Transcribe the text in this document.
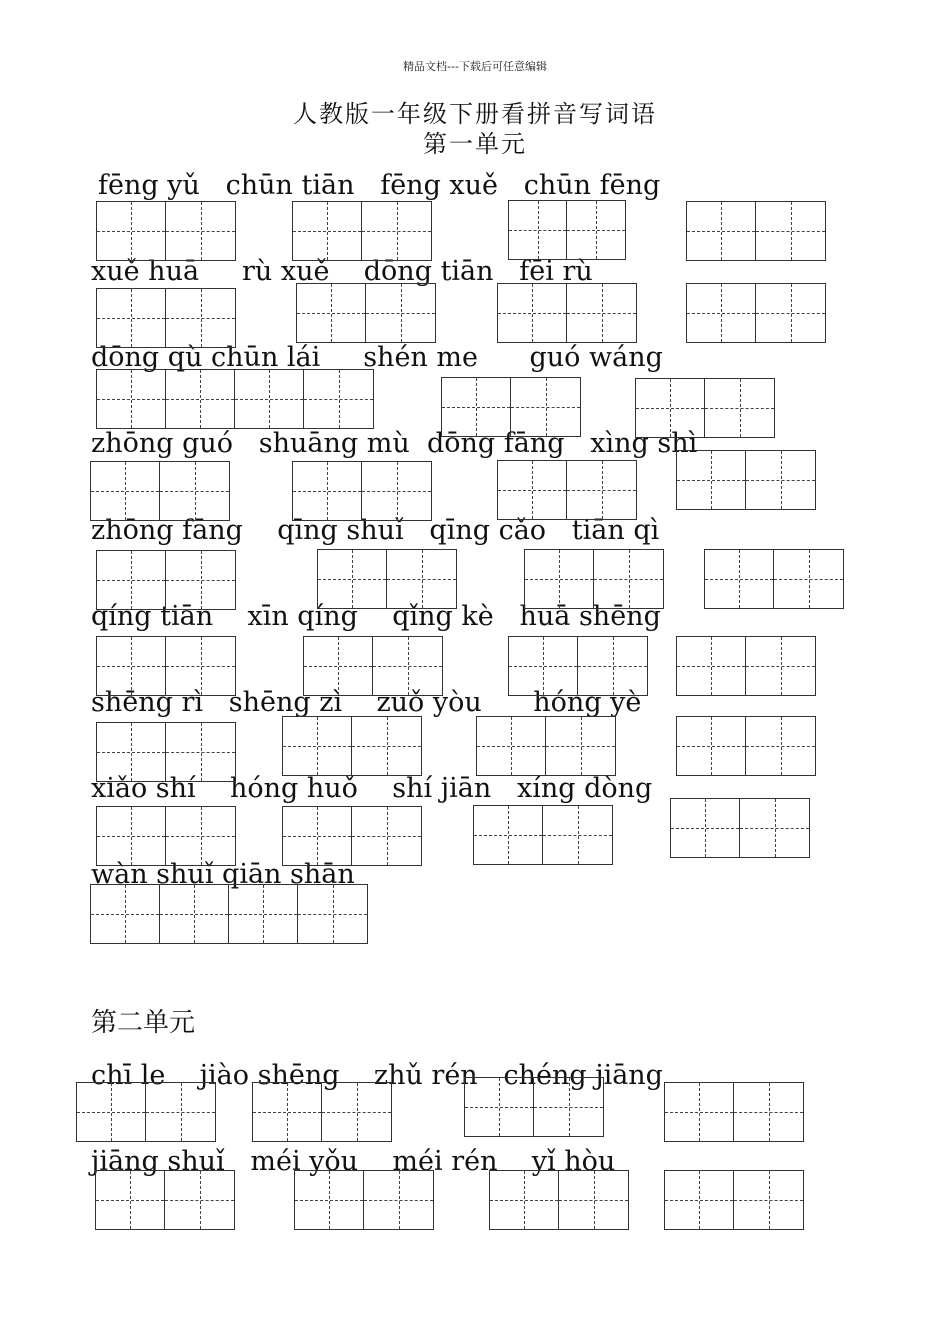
精品文档---下载后可任意编辑
人教版一年级下册看拼音写词语
第一单元
fēng yǔ   chūn tiān   fēng xuě   chūn fēng
xuě huā     rù xuě    dōng tiān   fēi rù
dōng qù chūn lái     shén me      guó wáng
zhōng guó   shuāng mù  dōng fāng   xìng shì
zhōng fāng    qīng shuǐ   qīng cǎo   tiān qì
qíng tiān    xīn qíng    qǐng kè   huā shēng
shēng rì   shēng zì    zuǒ yòu      hóng yè
xiǎo shí    hóng huǒ    shí jiān   xíng dòng
wàn shuǐ qiān shān
第二单元
chī le    jiào shēng    zhǔ rén   chéng jiāng
jiāng shuǐ   méi yǒu    méi rén    yǐ hòu
